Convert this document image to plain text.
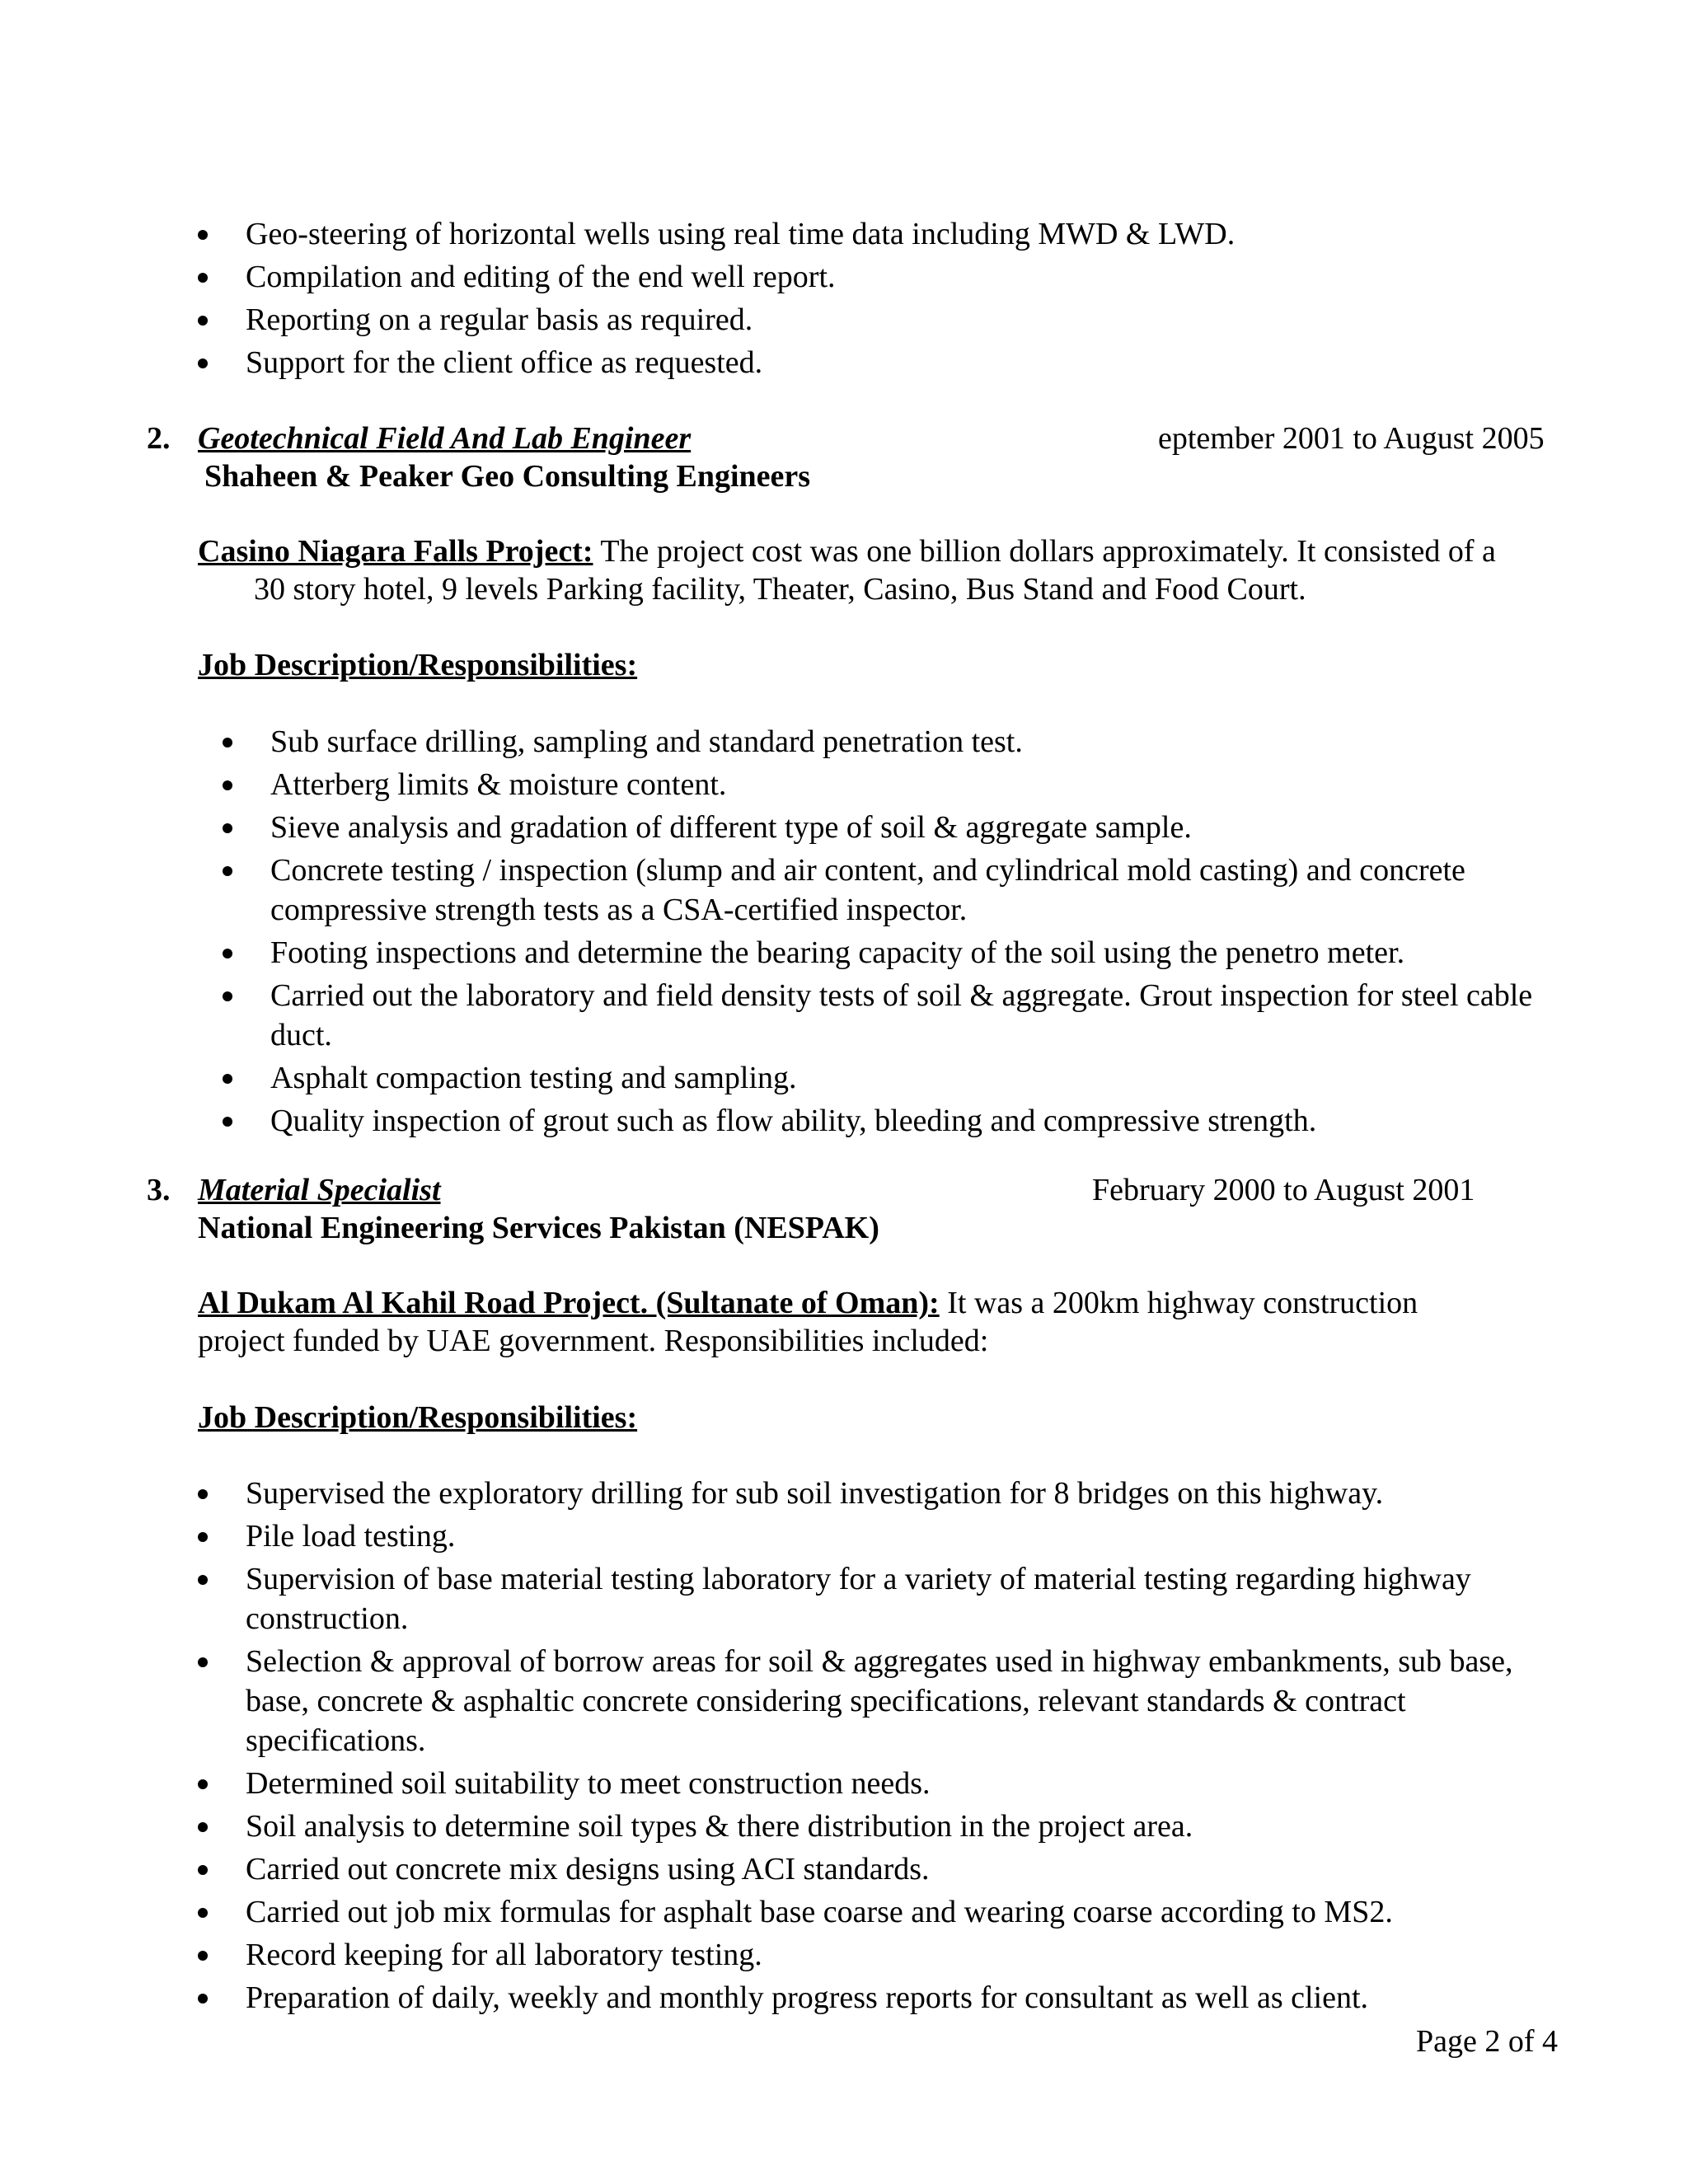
Geo-steering of horizontal wells using real time data including MWD & LWD.
Compilation and editing of the end well report.
Reporting on a regular basis as required.
Support for the client office as requested.
2. Geotechnical Field And Lab Engineer	eptember 2001 to August 2005
Shaheen & Peaker Geo Consulting Engineers
Casino Niagara Falls Project: The project cost was one billion dollars approximately. It consisted of a
30 story hotel, 9 levels Parking facility, Theater, Casino, Bus Stand and Food Court.
Job Description/Responsibilities:
Sub surface drilling, sampling and standard penetration test.
Atterberg limits & moisture content.
Sieve analysis and gradation of different type of soil & aggregate sample.
Concrete testing / inspection (slump and air content, and cylindrical mold casting) and concrete compressive strength tests as a CSA-certified inspector.
Footing inspections and determine the bearing capacity of the soil using the penetro meter.
Carried out the laboratory and field density tests of soil & aggregate. Grout inspection for steel cable duct.
Asphalt compaction testing and sampling.
Quality inspection of grout such as flow ability, bleeding and compressive strength.
3. Material Specialist	February 2000 to August 2001
National Engineering Services Pakistan (NESPAK)
Al Dukam Al Kahil Road Project. (Sultanate of Oman): It was a 200km highway construction
project funded by UAE government. Responsibilities included:
Job Description/Responsibilities:
Supervised the exploratory drilling for sub soil investigation for 8 bridges on this highway.
Pile load testing.
Supervision of base material testing laboratory for a variety of material testing regarding highway construction.
Selection & approval of borrow areas for soil & aggregates used in highway embankments, sub base, base, concrete & asphaltic concrete considering specifications, relevant standards & contract specifications.
Determined soil suitability to meet construction needs.
Soil analysis to determine soil types & there distribution in the project area.
Carried out concrete mix designs using ACI standards.
Carried out job mix formulas for asphalt base coarse and wearing coarse according to MS2.
Record keeping for all laboratory testing.
Preparation of daily, weekly and monthly progress reports for consultant as well as client.
Page 2 of 4
